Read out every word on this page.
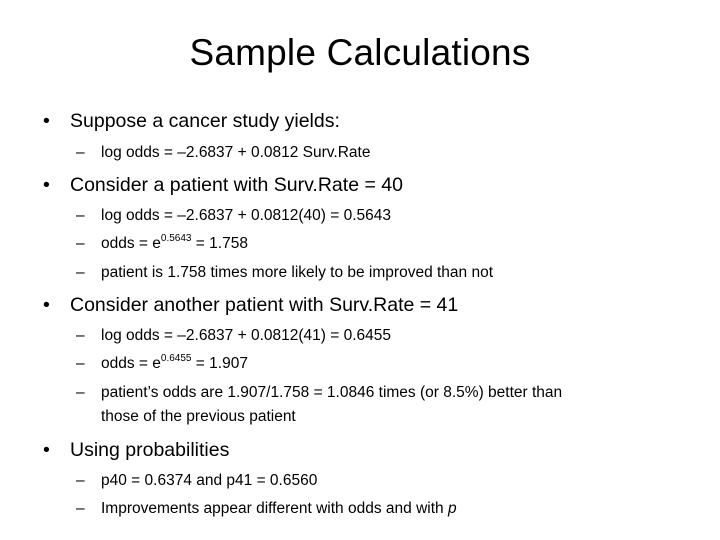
Sample Calculations
• Suppose a cancer study yields:
– log odds = –2.6837 + 0.0812 Surv.Rate
• Consider a patient with Surv.Rate = 40
– log odds = –2.6837 + 0.0812(40) = 0.5643
– odds = $e^{0.5643} = 1.758$
– patient is 1.758 times more likely to be improved than not
• Consider another patient with Surv.Rate = 41
– log odds = –2.6837 + 0.0812(41) = 0.6455
– odds = $e^{0.6455} = 1.907$
– patient’s odds are 1.907/1.758 = 1.0846 times (or 8.5%) better than
those of the previous patient
• Using probabilities
– p40 = 0.6374 and p41 = 0.6560
– Improvements appear different with odds and with p
